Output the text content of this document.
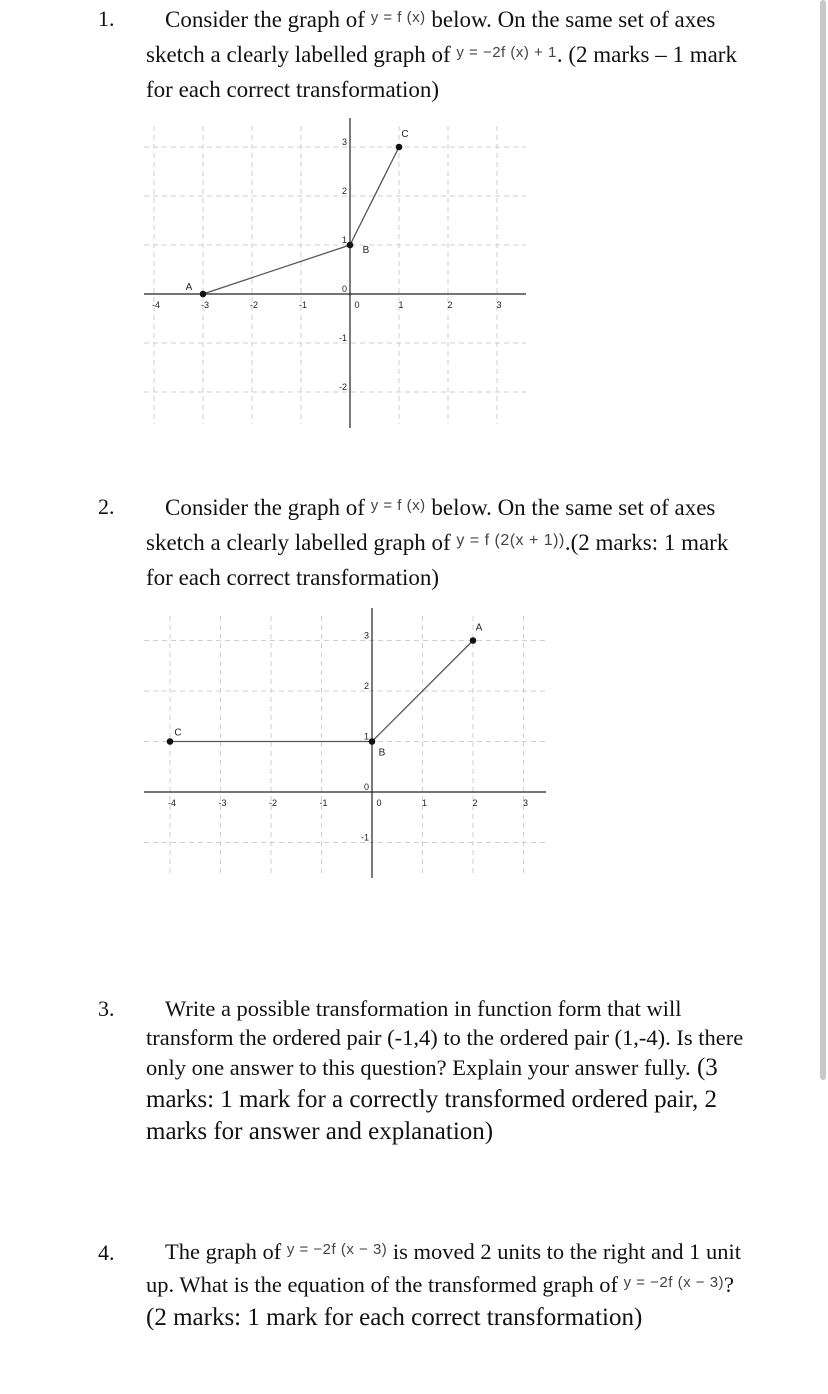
1.	Consider the graph of $^{y = f (x)}$ below. On the same set of axes sketch a clearly labelled graph of $^{y = -2f (x) + 1}$. (2 marks – 1 mark for each correct transformation)
-4	-3	-2	-1	0	1	2	3
3
2
1
0
-1
-2
A
B
C
2.	Consider the graph of $^{y = f (x)}$ below. On the same set of axes sketch a clearly labelled graph of $^{y = f (2(x + 1))}$.(2 marks: 1 mark for each correct transformation)
-4	-3	-2	-1	0	1	2	3
3
2
1
0
-1
C
B
A
3.	Write a possible transformation in function form that will transform the ordered pair (-1,4) to the ordered pair (1,-4). Is there only one answer to this question? Explain your answer fully. (3 marks: 1 mark for a correctly transformed ordered pair, 2 marks for answer and explanation)
4.	The graph of $^{y = -2f (x - 3)}$ is moved 2 units to the right and 1 unit up. What is the equation of the transformed graph of $^{y = -2f (x - 3)}$?
(2 marks: 1 mark for each correct transformation)
